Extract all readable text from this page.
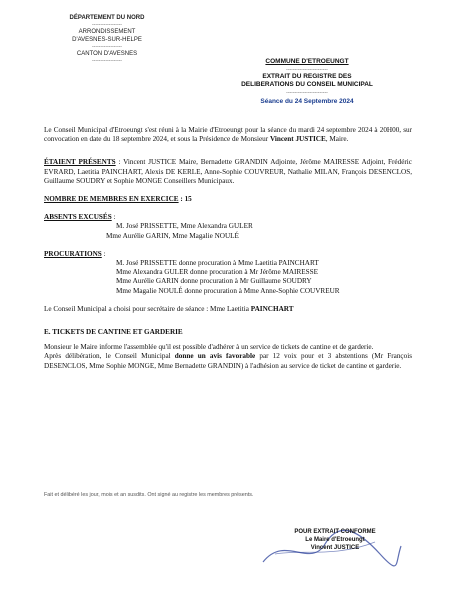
DÉPARTEMENT DU NORD
------------------
ARRONDISSEMENT
D'AVESNES-SUR-HELPE
------------------
CANTON D'AVESNES
------------------	COMMUNE D'ETROEUNGT
-------------------------
EXTRAIT DU REGISTRE DES
DELIBERATIONS DU CONSEIL MUNICIPAL
-------------------------
Séance du 24 Septembre 2024

Le Conseil Municipal d'Etroeungt s'est réuni à la Mairie d'Etroeungt pour la séance du mardi 24 septembre 2024 à 20H00, sur convocation en date du 18 septembre 2024, et sous la Présidence de Monsieur Vincent JUSTICE, Maire.

ÉTAIENT PRÉSENTS : Vincent JUSTICE Maire, Bernadette GRANDIN Adjointe, Jérôme MAIRESSE Adjoint, Frédéric EVRARD, Laetitia PAINCHART, Alexis DE KERLE, Anne-Sophie COUVREUR, Nathalie MILAN, François DESENCLOS, Guillaume SOUDRY et Sophie MONGE Conseillers Municipaux.

NOMBRE DE MEMBRES EN EXERCICE : 15

ABSENTS EXCUSÉS :

M. José PRISSETTE, Mme Alexandra GULER
Mme Aurélie GARIN, Mme Magalie NOULÉ

PROCURATIONS :

M. José PRISSETTE donne procuration à Mme Laetitia PAINCHART
Mme Alexandra GULER donne procuration à Mr Jérôme MAIRESSE
Mme Aurélie GARIN donne procuration à Mr Guillaume SOUDRY
Mme Magalie NOULÉ donne procuration à Mme Anne-Sophie COUVREUR

Le Conseil Municipal a choisi pour secrétaire de séance : Mme Laetitia PAINCHART

E. TICKETS DE CANTINE ET GARDERIE

Monsieur le Maire informe l'assemblée qu'il est possible d'adhérer à un service de tickets de cantine et de garderie.

Après délibération, le Conseil Municipal donne un avis favorable par 12 voix pour et 3 abstentions (Mr François DESENCLOS, Mme Sophie MONGE, Mme Bernadette GRANDIN) à l'adhésion au service de ticket de cantine et garderie.

Fait et délibéré les jour, mois et an susdits. Ont signé au registre les membres présents.
POUR EXTRAIT CONFORME
Le Maire d'Etroeungt
Vincent JUSTICE
